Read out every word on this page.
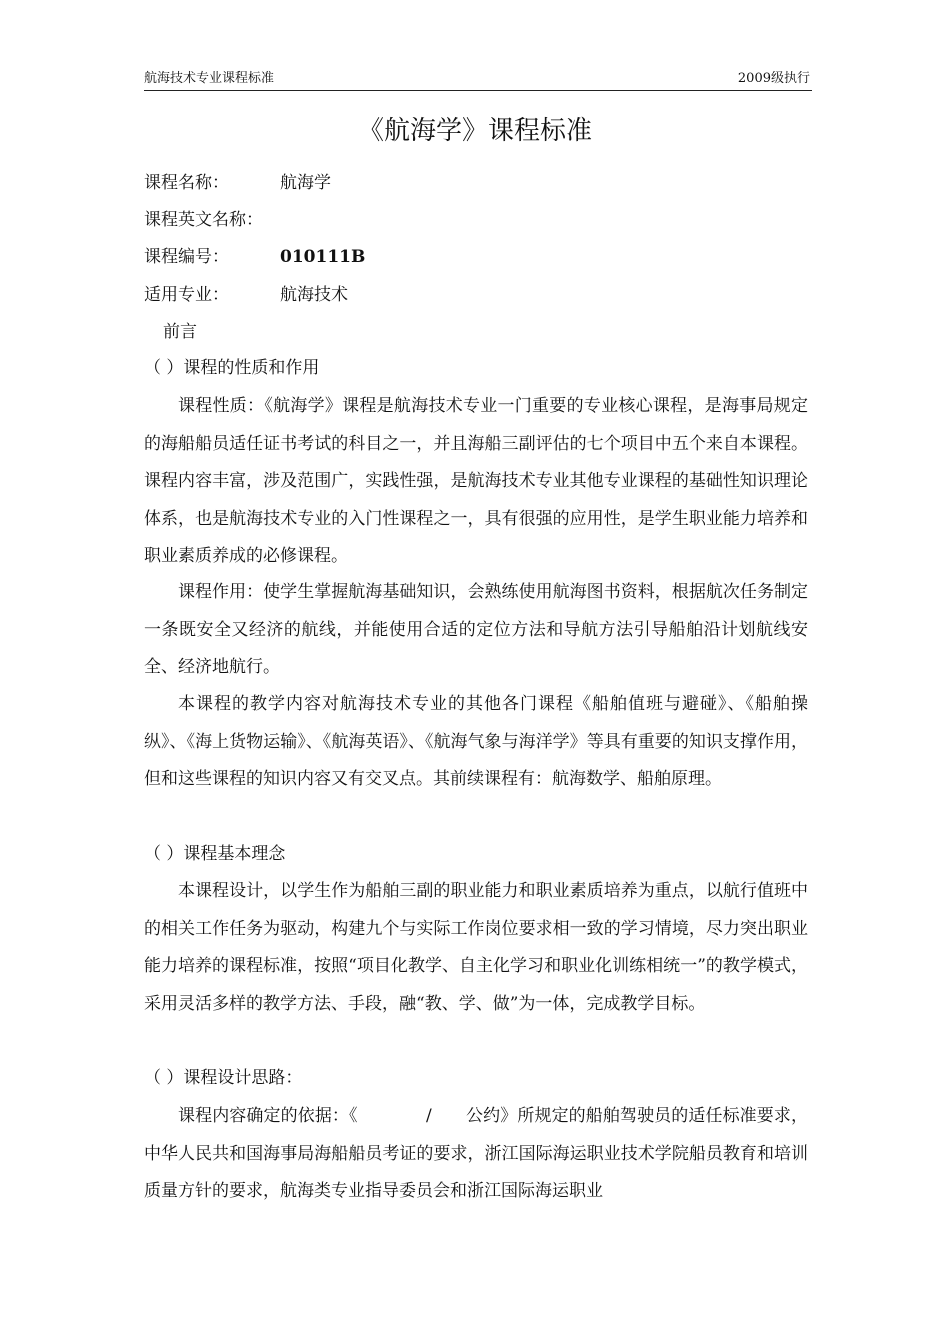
航海技术专业课程标准	2009级执行
《航海学》课程标准
课程名称：	航海学
课程英文名称：
课程编号：	010111B
适用专业：	航海技术
前言
（ ）课程的性质和作用

课程性质：《航海学》课程是航海技术专业一门重要的专业核心课程，是海事局规定的海船船员适任证书考试的科目之一，并且海船三副评估的七个项目中五个来自本课程。课程内容丰富，涉及范围广，实践性强，是航海技术专业其他专业课程的基础性知识理论体系，也是航海技术专业的入门性课程之一，具有很强的应用性，是学生职业能力培养和职业素质养成的必修课程。

课程作用：使学生掌握航海基础知识，会熟练使用航海图书资料，根据航次任务制定一条既安全又经济的航线，并能使用合适的定位方法和导航方法引导船舶沿计划航线安全、经济地航行。

本课程的教学内容对航海技术专业的其他各门课程《船舶值班与避碰》、《船舶操纵》、《海上货物运输》、《航海英语》、《航海气象与海洋学》等具有重要的知识支撑作用，但和这些课程的知识内容又有交叉点。其前续课程有：航海数学、船舶原理。

（ ）课程基本理念

本课程设计，以学生作为船舶三副的职业能力和职业素质培养为重点，以航行值班中的相关工作任务为驱动，构建九个与实际工作岗位要求相一致的学习情境，尽力突出职业能力培养的课程标准，按照“项目化教学、自主化学习和职业化训练相统一”的教学模式，采用灵活多样的教学方法、手段，融“教、学、做”为一体，完成教学目标。

（ ）课程设计思路：

课程内容确定的依据：《　　　　/　　公约》所规定的船舶驾驶员的适任标准要求，中华人民共和国海事局海船船员考证的要求，浙江国际海运职业技术学院船员教育和培训质量方针的要求，航海类专业指导委员会和浙江国际海运职业
